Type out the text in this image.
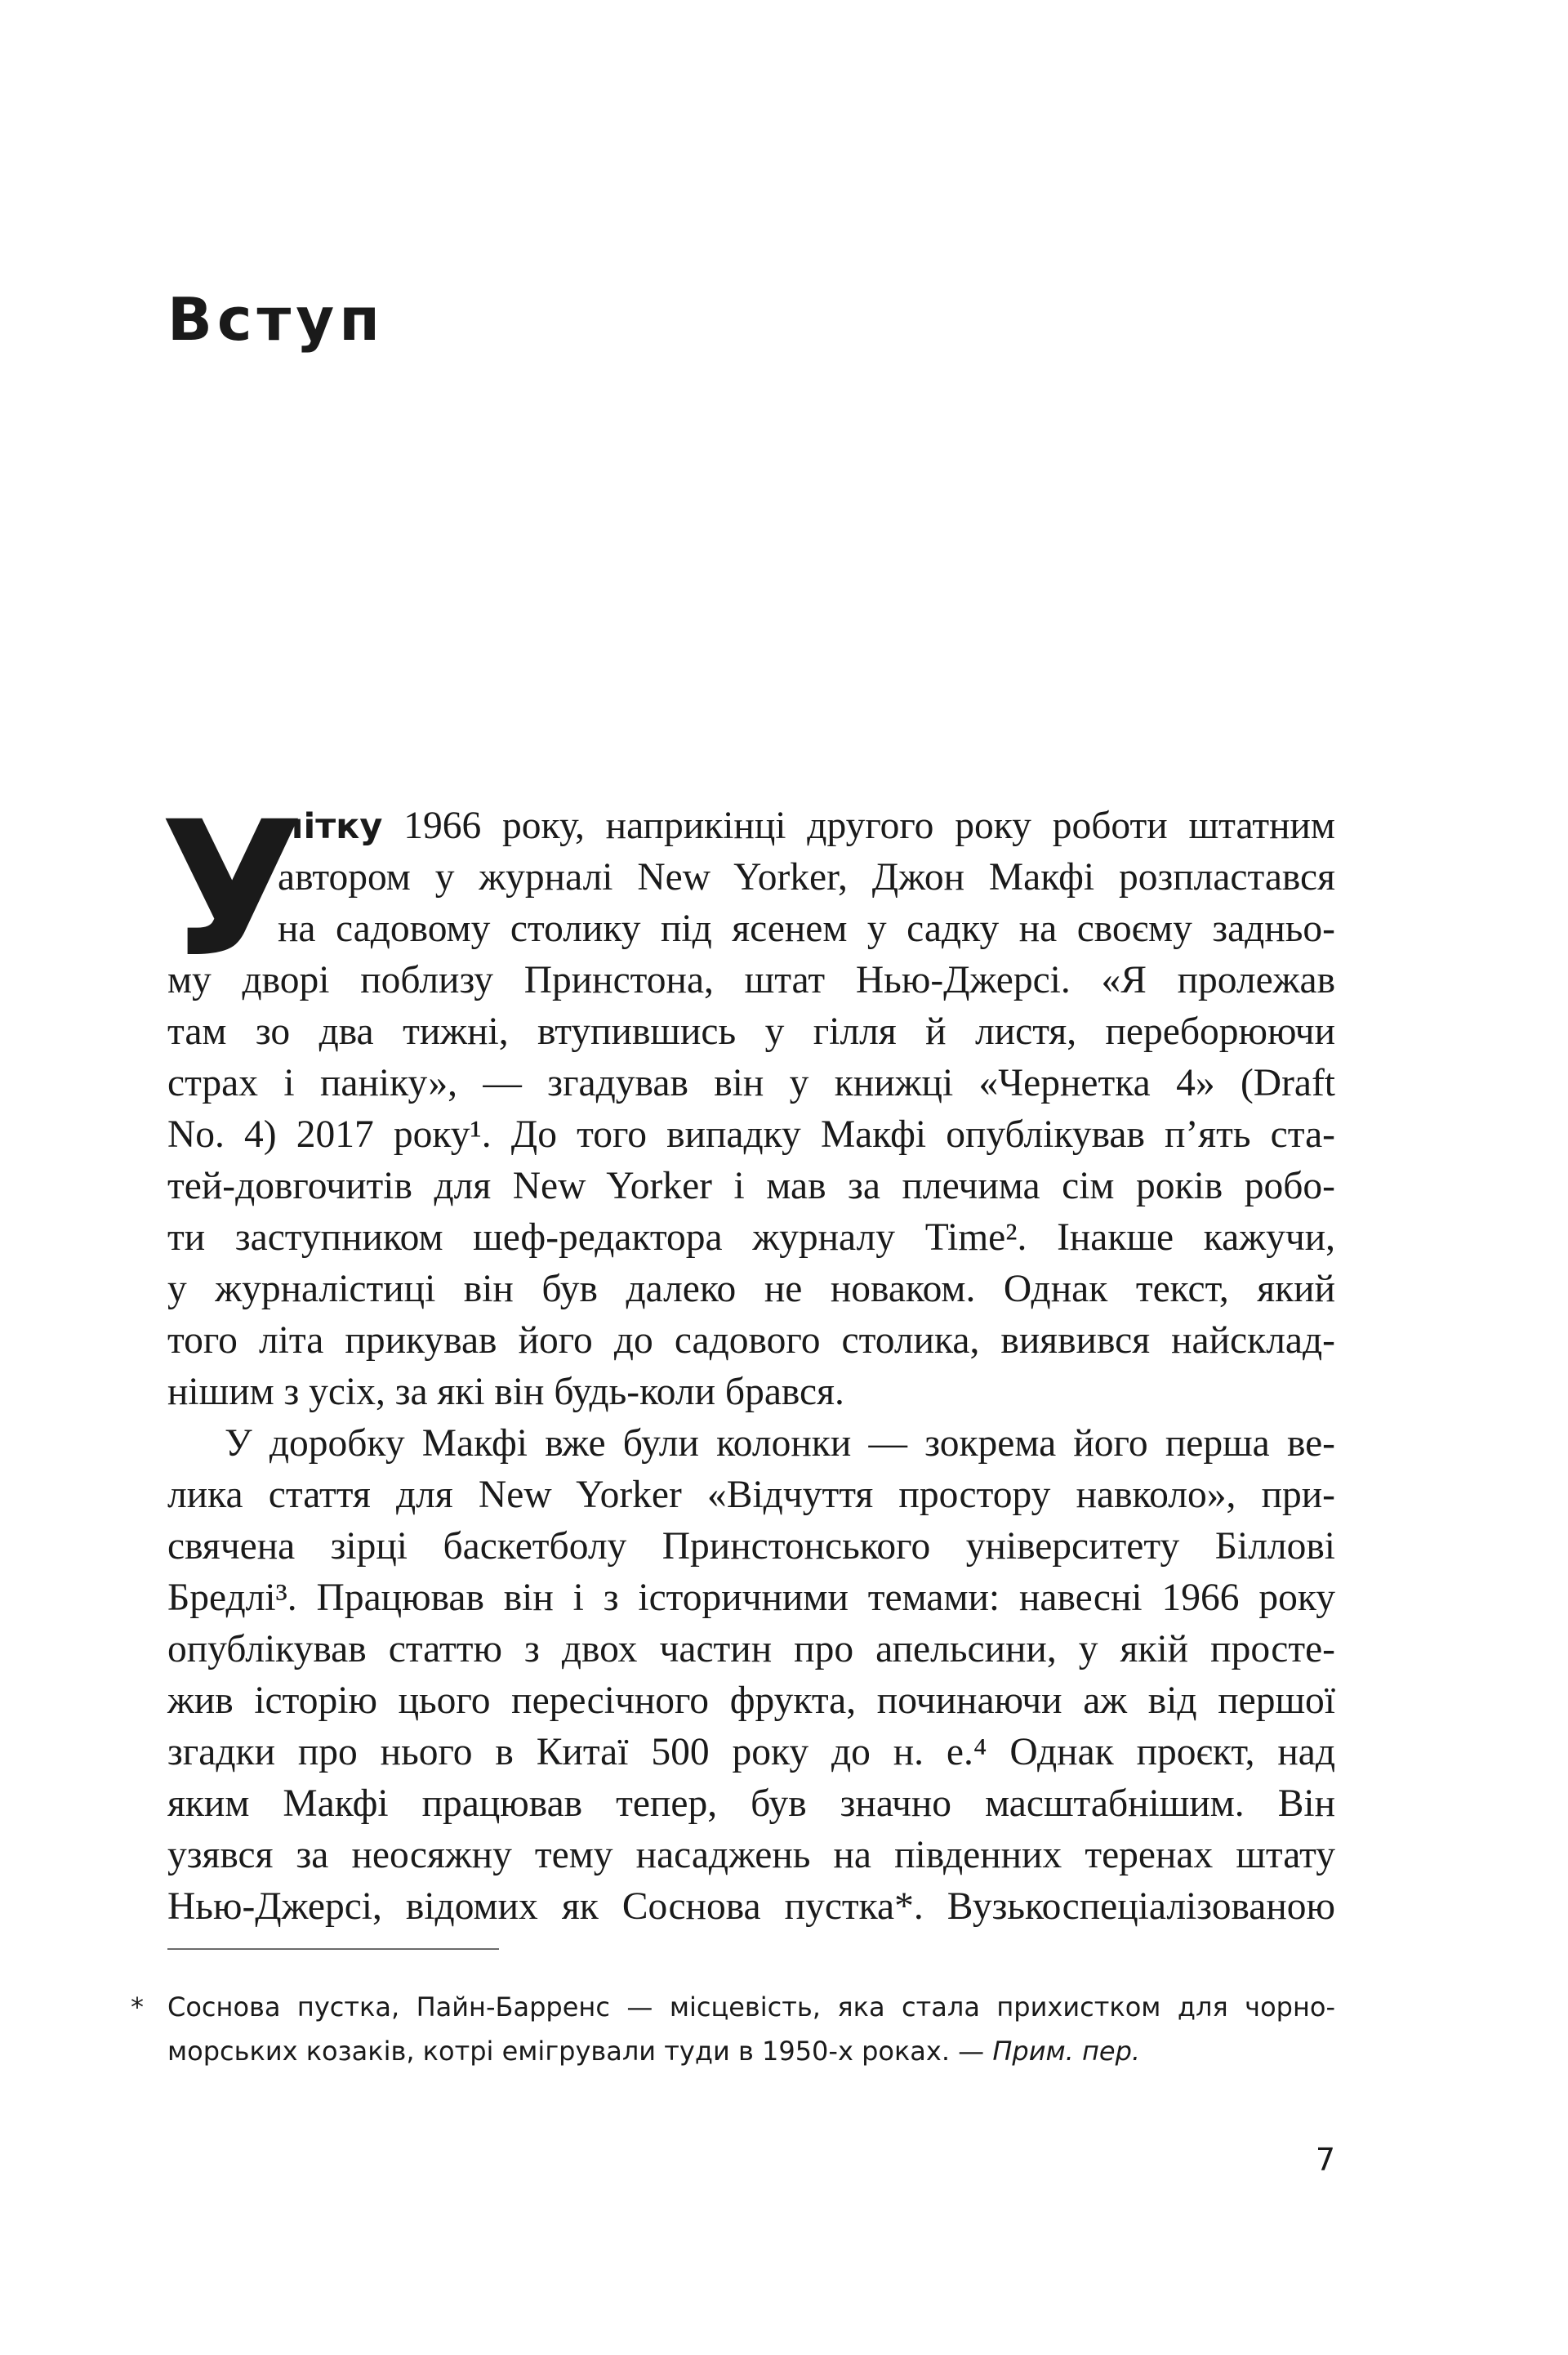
Вступ
У
літку 1966 року, наприкінці другого року роботи штатним
автором у журналі New Yorker, Джон Макфі розпластався
на садовому столику під ясенем у садку на своєму задньо-
му дворі поблизу Принстона, штат Нью-Джерсі. «Я пролежав
там зо два тижні, втупившись у гілля й листя, переборюючи
страх і паніку», — згадував він у книжці «Чернетка 4» (Draft
No. 4) 2017 року¹. До того випадку Макфі опублікував п’ять ста-
тей-довгочитів для New Yorker і мав за плечима сім років робо-
ти заступником шеф-редактора журналу Time². Інакше кажучи,
у журналістиці він був далеко не новаком. Однак текст, який
того літа прикував його до садового столика, виявився найсклад-
нішим з усіх, за які він будь-коли брався.
У доробку Макфі вже були колонки — зокрема його перша ве-
лика стаття для New Yorker «Відчуття простору навколо», при-
свячена зірці баскетболу Принстонського університету Біллові
Бредлі³. Працював він і з історичними темами: навесні 1966 року
опублікував статтю з двох частин про апельсини, у якій просте-
жив історію цього пересічного фрукта, починаючи аж від першої
згадки про нього в Китаї 500 року до н. е.⁴ Однак проєкт, над
яким Макфі працював тепер, був значно масштабнішим. Він
узявся за неосяжну тему насаджень на південних теренах штату
Нью-Джерсі, відомих як Соснова пустка*. Вузькоспеціалізованою
* Соснова пустка, Пайн-Барренс — місцевість, яка стала прихистком для чорно-
морських козаків, котрі емігрували туди в 1950-х роках. — Прим. пер.
7
